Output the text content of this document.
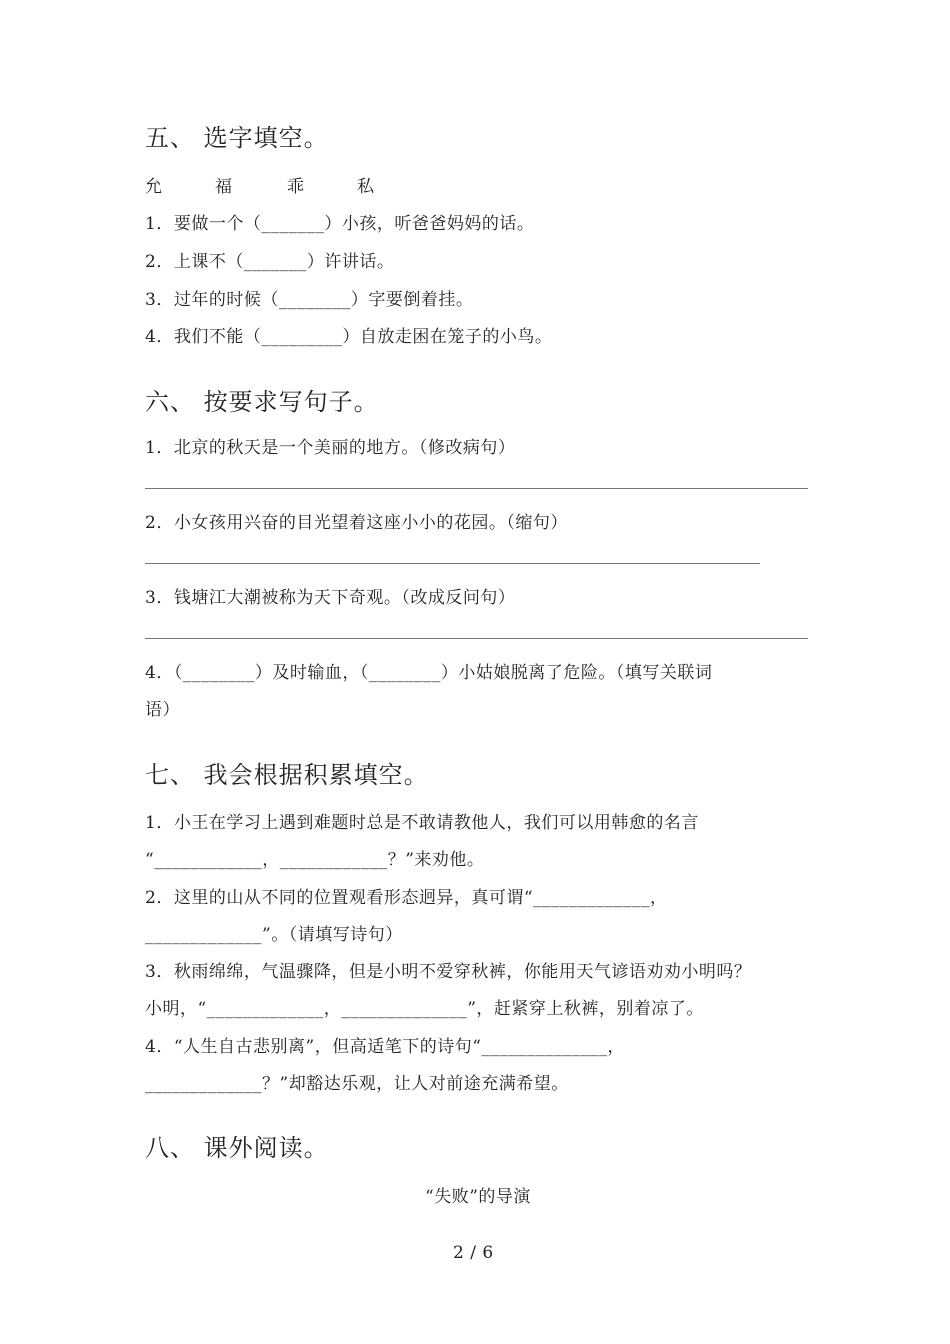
五、 选字填空。
允	福	乖	私
1．要做一个（_______）小孩，听爸爸妈妈的话。
2．上课不（_______）许讲话。
3．过年的时候（________）字要倒着挂。
4．我们不能（_________）自放走困在笼子的小鸟。
六、 按要求写句子。
1．北京的秋天是一个美丽的地方。（修改病句）
2．小女孩用兴奋的目光望着这座小小的花园。（缩句）
3．钱塘江大潮被称为天下奇观。（改成反问句）
4．（________）及时输血，（________）小姑娘脱离了危险。（填写关联词
语）
七、 我会根据积累填空。
1．小王在学习上遇到难题时总是不敢请教他人，我们可以用韩愈的名言
“____________，____________？”来劝他。
2．这里的山从不同的位置观看形态迥异，真可谓“_____________，
_____________”。（请填写诗句）
3．秋雨绵绵，气温骤降，但是小明不爱穿秋裤，你能用天气谚语劝劝小明吗？
小明，“_____________，______________”，赶紧穿上秋裤，别着凉了。
4．“人生自古悲别离”，但高适笔下的诗句“______________，
_____________？”却豁达乐观，让人对前途充满希望。
八、 课外阅读。
“失败”的导演
2 / 6
